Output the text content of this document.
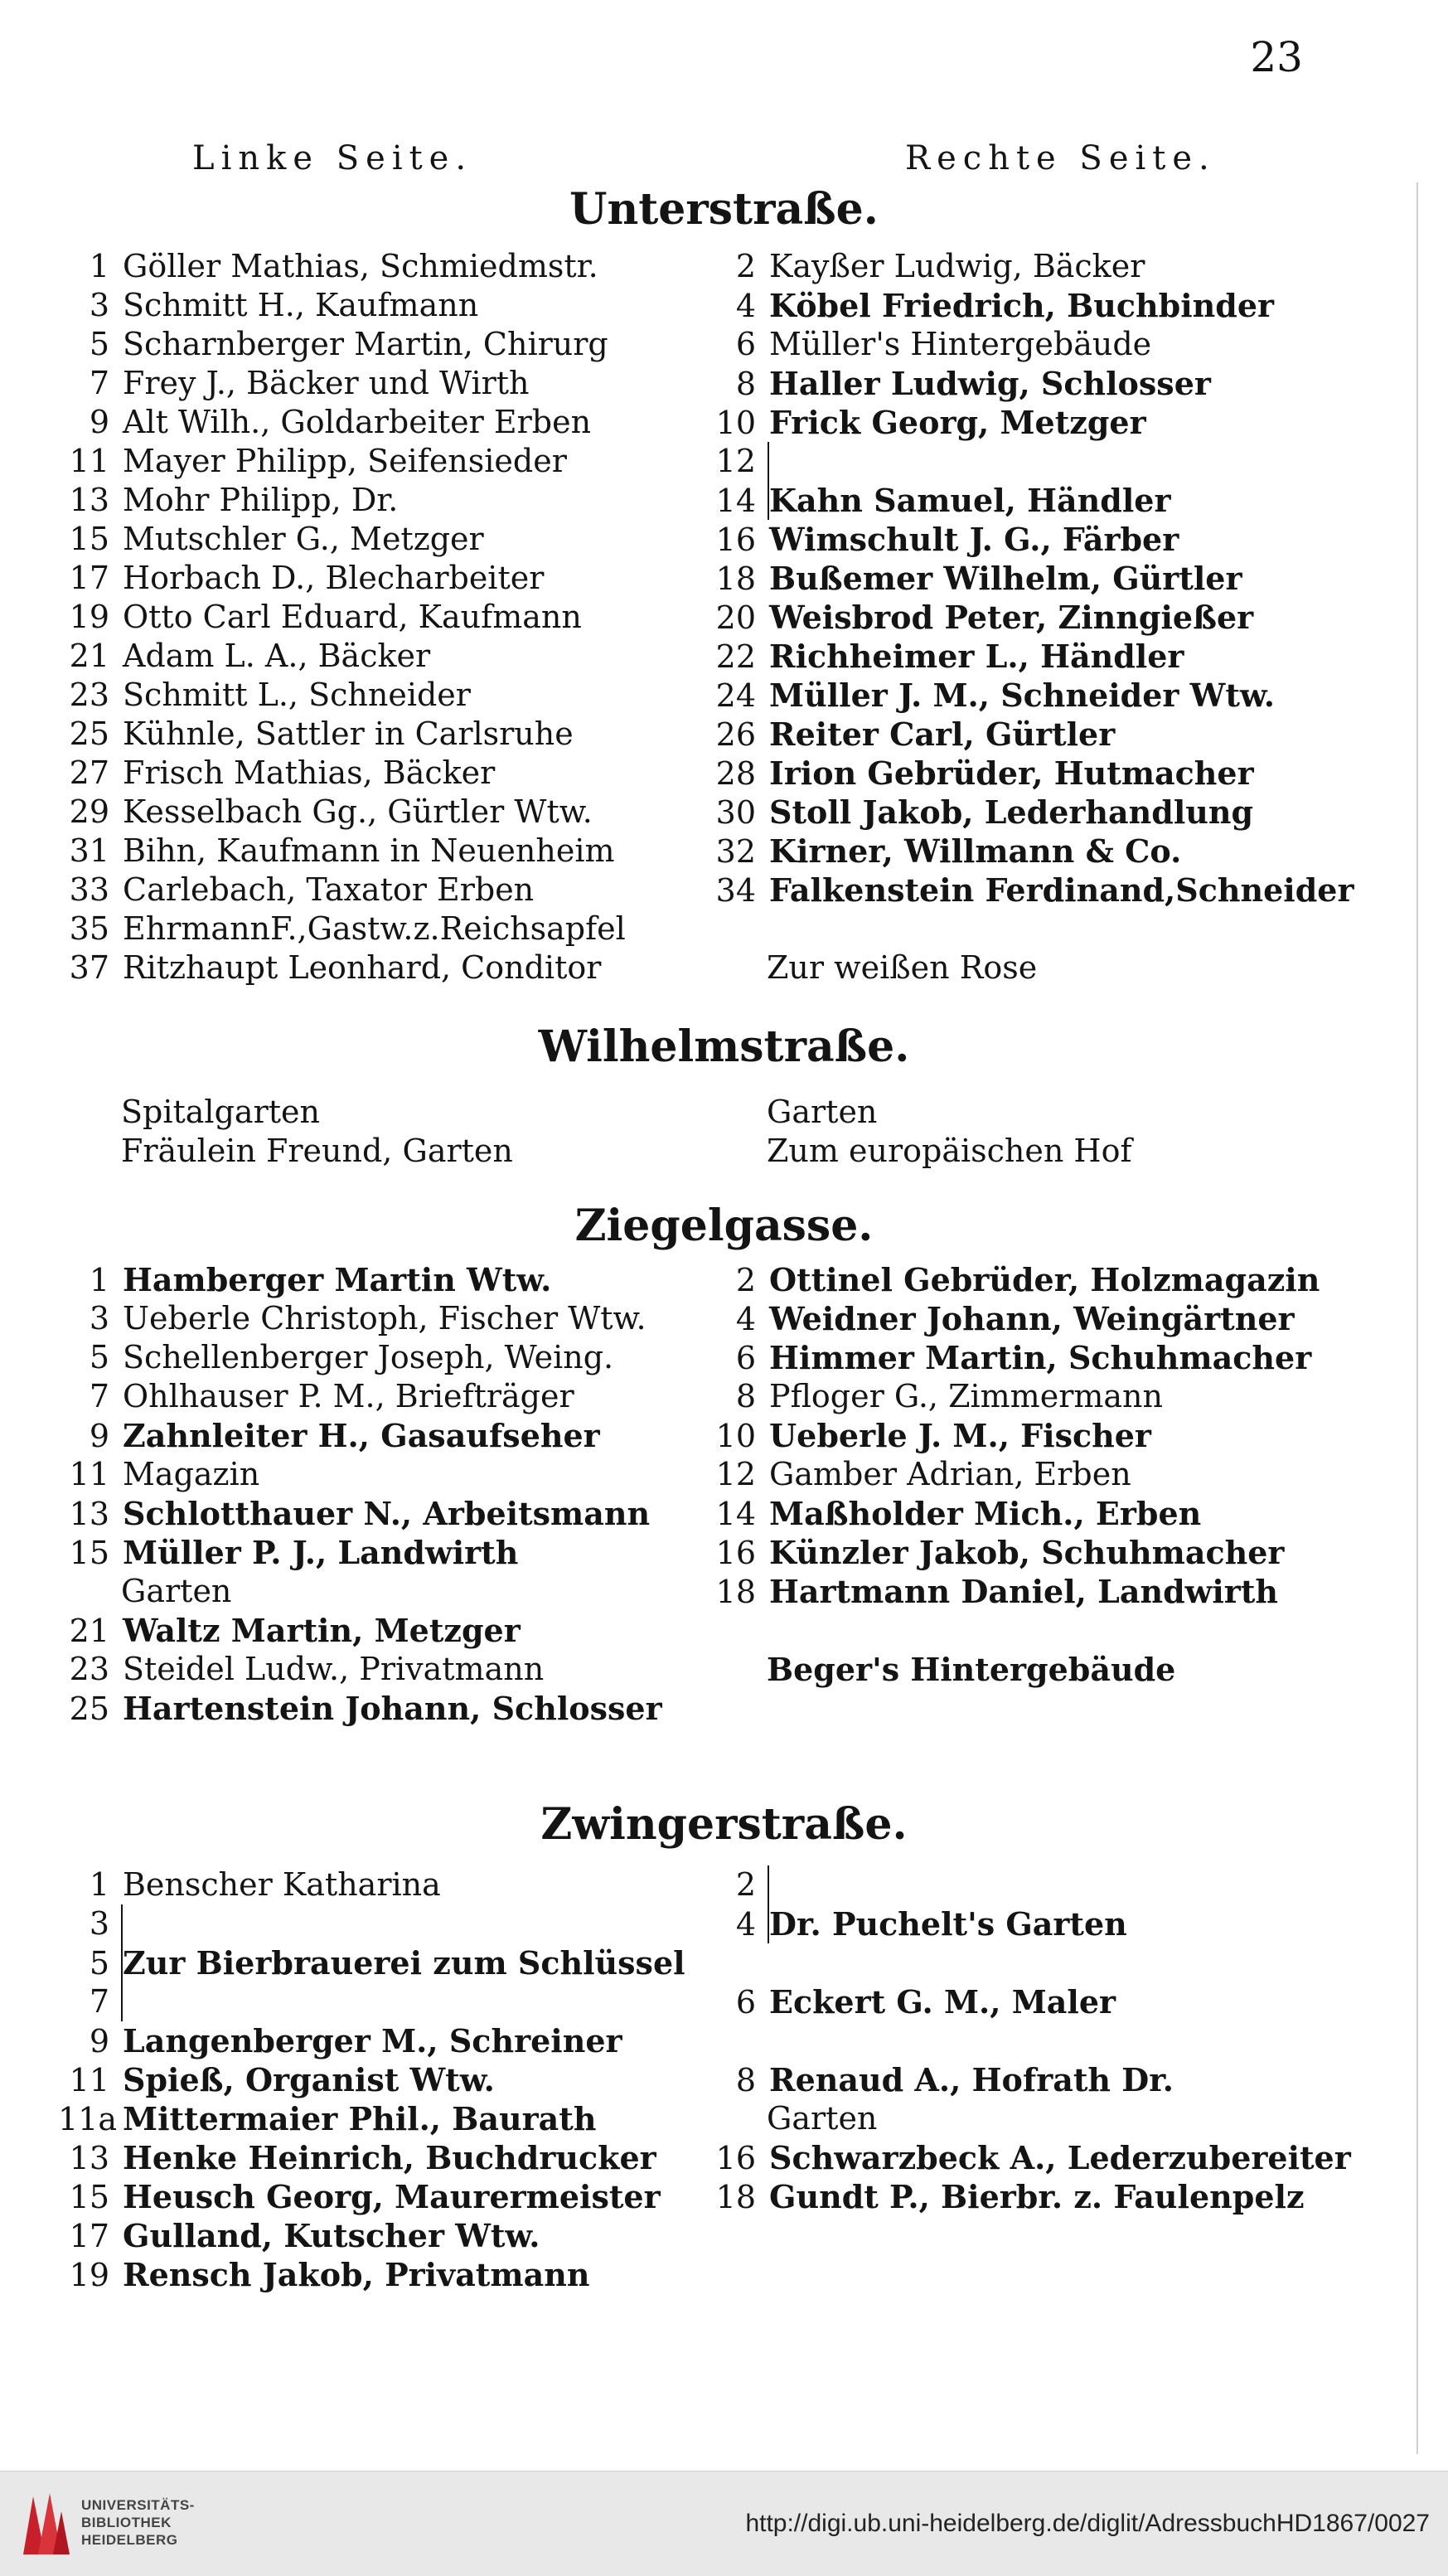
23
Linke Seite.	Rechte Seite.
Unterstraße.
1 Göller Mathias, Schmiedmstr.
3 Schmitt H., Kaufmann
5 Scharnberger Martin, Chirurg
7 Frey J., Bäcker und Wirth
9 Alt Wilh., Goldarbeiter Erben
11 Mayer Philipp, Seifensieder
13 Mohr Philipp, Dr.
15 Mutschler G., Metzger
17 Horbach D., Blecharbeiter
19 Otto Carl Eduard, Kaufmann
21 Adam L. A., Bäcker
23 Schmitt L., Schneider
25 Kühnle, Sattler in Carlsruhe
27 Frisch Mathias, Bäcker
29 Kesselbach Gg., Gürtler Wtw.
31 Bihn, Kaufmann in Neuenheim
33 Carlebach, Taxator Erben
35 EhrmannF.,Gastw.z.Reichsapfel
37 Ritzhaupt Leonhard, Conditor
2 Kayßer Ludwig, Bäcker
4 Köbel Friedrich, Buchbinder
6 Müller's Hintergebäude
8 Haller Ludwig, Schlosser
10 Frick Georg, Metzger
12
14 Kahn Samuel, Händler
16 Wimschult J. G., Färber
18 Bußemer Wilhelm, Gürtler
20 Weisbrod Peter, Zinngießer
22 Richheimer L., Händler
24 Müller J. M., Schneider Wtw.
26 Reiter Carl, Gürtler
28 Irion Gebrüder, Hutmacher
30 Stoll Jakob, Lederhandlung
32 Kirner, Willmann & Co.
34 Falkenstein Ferdinand,Schneider
Zur weißen Rose
Wilhelmstraße.
Spitalgarten
Fräulein Freund, Garten
Garten
Zum europäischen Hof
Ziegelgasse.
1 Hamberger Martin Wtw.
3 Ueberle Christoph, Fischer Wtw.
5 Schellenberger Joseph, Weing.
7 Ohlhauser P. M., Briefträger
9 Zahnleiter H., Gasaufseher
11 Magazin
13 Schlotthauer N., Arbeitsmann
15 Müller P. J., Landwirth
Garten
21 Waltz Martin, Metzger
23 Steidel Ludw., Privatmann
25 Hartenstein Johann, Schlosser
2 Ottinel Gebrüder, Holzmagazin
4 Weidner Johann, Weingärtner
6 Himmer Martin, Schuhmacher
8 Pfloger G., Zimmermann
10 Ueberle J. M., Fischer
12 Gamber Adrian, Erben
14 Maßholder Mich., Erben
16 Künzler Jakob, Schuhmacher
18 Hartmann Daniel, Landwirth
Beger's Hintergebäude
Zwingerstraße.
1 Benscher Katharina
3
5 Zur Bierbrauerei zum Schlüssel
7
9 Langenberger M., Schreiner
11 Spieß, Organist Wtw.
11a Mittermaier Phil., Baurath
13 Henke Heinrich, Buchdrucker
15 Heusch Georg, Maurermeister
17 Gulland, Kutscher Wtw.
19 Rensch Jakob, Privatmann
2
4 Dr. Puchelt's Garten
6 Eckert G. M., Maler
8 Renaud A., Hofrath Dr.
Garten
16 Schwarzbeck A., Lederzubereiter
18 Gundt P., Bierbr. z. Faulenpelz
UNIVERSITÄTS-
BIBLIOTHEK
HEIDELBERG
http://digi.ub.uni-heidelberg.de/diglit/AdressbuchHD1867/0027
